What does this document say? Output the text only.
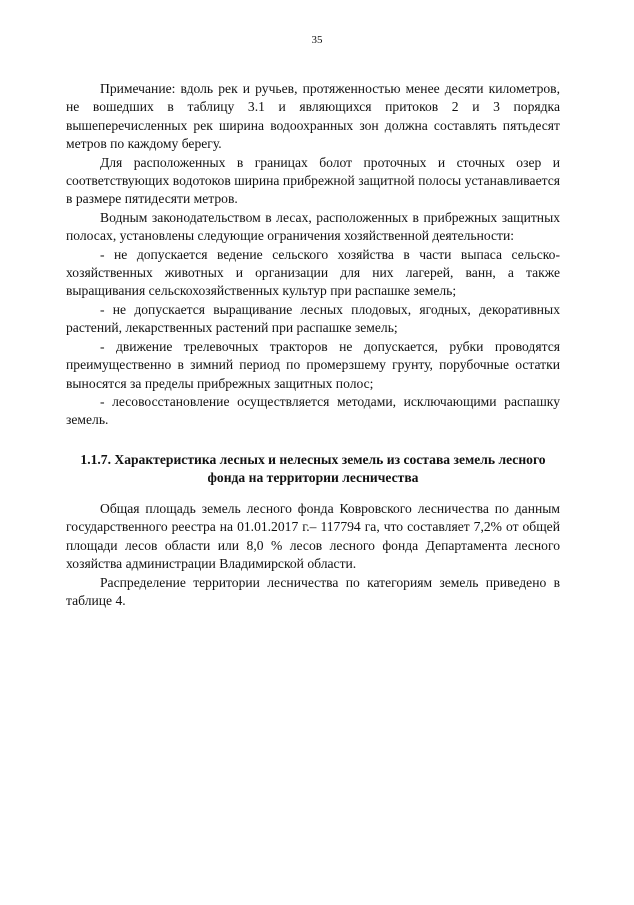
35

Примечание: вдоль рек и ручьев, протяженностью менее десяти километров, не вошедших в таблицу 3.1 и являющихся притоков 2 и 3 порядка вышеперечисленных рек ширина водоохранных зон должна составлять пятьдесят метров по каждому берегу.

Для расположенных в границах болот проточных и сточных озер и соответствующих водотоков ширина прибрежной защитной полосы устанавливается в размере пятидесяти метров.

Водным законодательством в лесах, расположенных в прибрежных защитных полосах, установлены следующие ограничения хозяйственной деятельности:

- не допускается ведение сельского хозяйства в части выпаса сельско-хозяйственных животных и организации для них лагерей, ванн, а также выращивания сельскохозяйственных культур при распашке земель;

- не допускается выращивание лесных плодовых, ягодных, декоративных растений, лекарственных растений при распашке земель;

- движение трелевочных тракторов не допускается, рубки проводятся преимущественно в зимний период по промерзшему грунту, порубочные остатки выносятся за пределы прибрежных защитных полос;

- лесовосстановление осуществляется методами, исключающими распашку земель.

1.1.7. Характеристика лесных и нелесных земель из состава земель лесного фонда на территории лесничества

Общая площадь земель лесного фонда Ковровского лесничества по данным государственного реестра на 01.01.2017 г.– 117794 га, что составляет 7,2% от общей площади лесов области или 8,0 % лесов лесного фонда Департамента лесного хозяйства администрации Владимирской области.

Распределение территории лесничества по категориям земель приведено в таблице 4.
